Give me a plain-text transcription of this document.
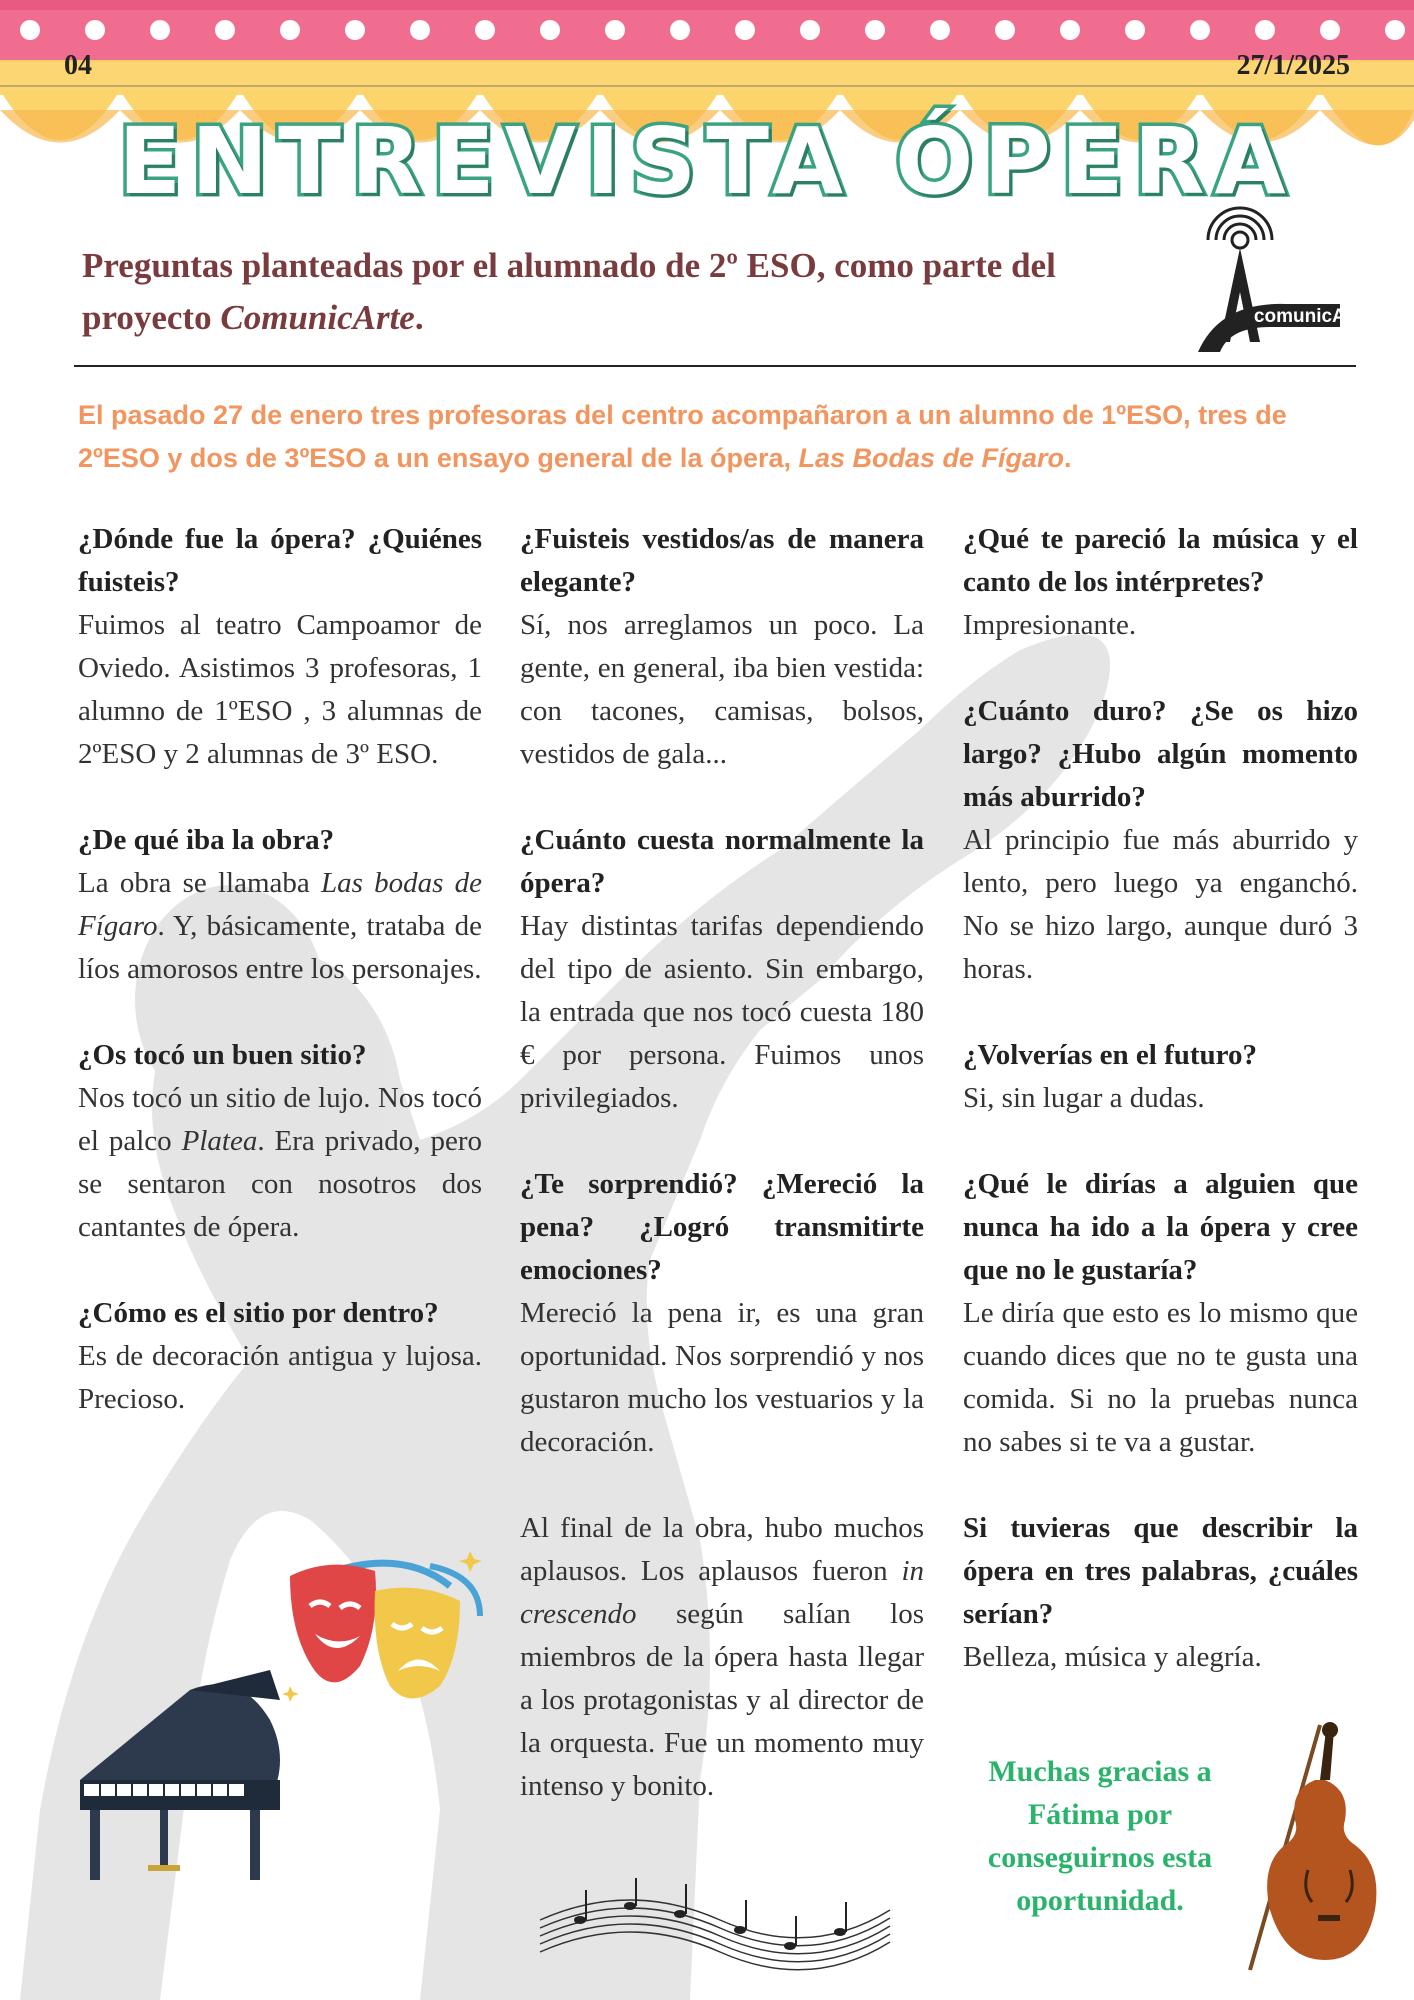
04	27/1/2025
ENTREVISTA ÓPERA

Preguntas planteadas por el alumnado de 2º ESO, como parte del proyecto ComunicArte.	comunicArte

El pasado 27 de enero tres profesoras del centro acompañaron a un alumno de 1ºESO, tres de 2ºESO y dos de 3ºESO a un ensayo general de la ópera, Las Bodas de Fígaro.

¿Dónde fue la ópera? ¿Quiénes fuisteis?
Fuimos al teatro Campoamor de Oviedo. Asistimos 3 profesoras, 1 alumno de 1ºESO , 3 alumnas de 2ºESO y 2 alumnas de 3º ESO.
¿De qué iba la obra?
La obra se llamaba Las bodas de Fígaro. Y, básicamente, trataba de líos amorosos entre los personajes.
¿Os tocó un buen sitio?
Nos tocó un sitio de lujo. Nos tocó el palco Platea. Era privado, pero se sentaron con nosotros dos cantantes de ópera.
¿Cómo es el sitio por dentro?
Es de decoración antigua y lujosa. Precioso.
¿Fuisteis vestidos/as de manera elegante?
Sí, nos arreglamos un poco. La gente, en general, iba bien vestida: con tacones, camisas, bolsos, vestidos de gala...
¿Cuánto cuesta normalmente la ópera?
Hay distintas tarifas dependiendo del tipo de asiento. Sin embargo, la entrada que nos tocó cuesta 180 € por persona. Fuimos unos privilegiados.
¿Te sorprendió? ¿Mereció la pena? ¿Logró transmitirte emociones?
Mereció la pena ir, es una gran oportunidad. Nos sorprendió y nos gustaron mucho los vestuarios y la decoración.
Al final de la obra, hubo muchos aplausos. Los aplausos fueron in crescendo según salían los miembros de la ópera hasta llegar a los protagonistas y al director de la orquesta. Fue un momento muy intenso y bonito.
¿Qué te pareció la música y el canto de los intérpretes?
Impresionante.
¿Cuánto duro? ¿Se os hizo largo? ¿Hubo algún momento más aburrido?
Al principio fue más aburrido y lento, pero luego ya enganchó. No se hizo largo, aunque duró 3 horas.
¿Volverías en el futuro?
Si, sin lugar a dudas.
¿Qué le dirías a alguien que nunca ha ido a la ópera y cree que no le gustaría?
Le diría que esto es lo mismo que cuando dices que no te gusta una comida. Si no la pruebas nunca no sabes si te va a gustar.
Si tuvieras que describir la ópera en tres palabras, ¿cuáles serían?
Belleza, música y alegría.
Muchas gracias a Fátima por conseguirnos esta oportunidad.
